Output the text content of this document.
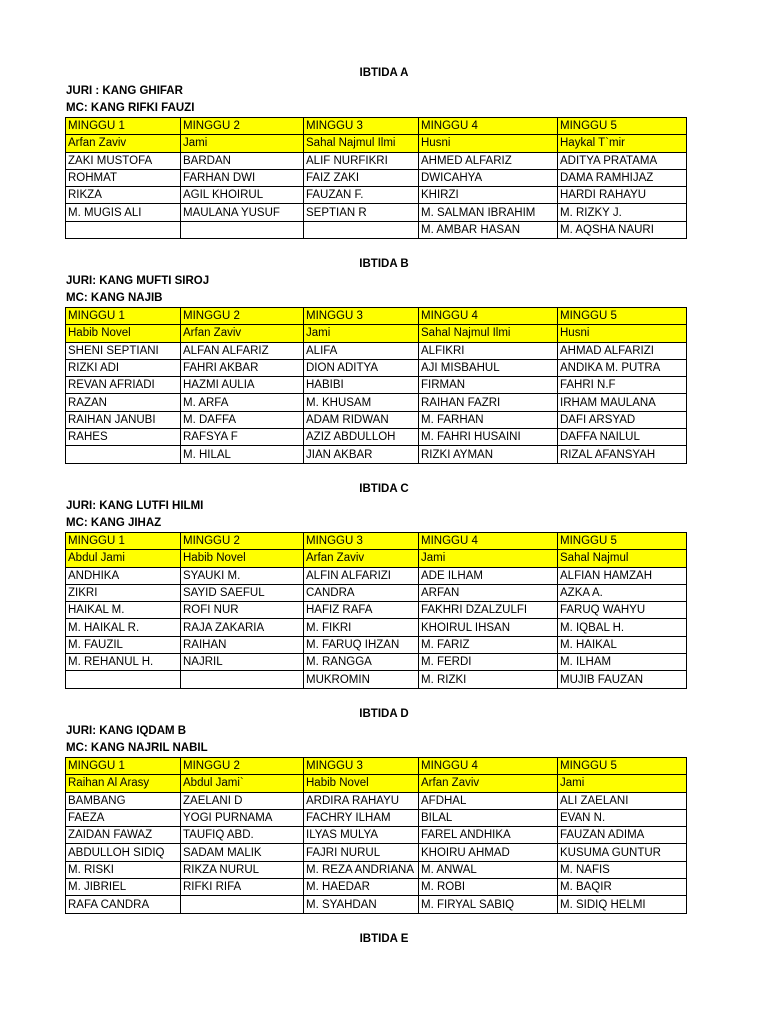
IBTIDA E
IBTIDA A
JURI : KANG GHIFAR
MC: KANG RIFKI FAUZI
MINGGU 1	MINGGU 2	MINGGU 3	MINGGU 4	MINGGU 5
Arfan Zaviv	Jami	Sahal Najmul Ilmi	Husni	Haykal T`mir
ZAKI MUSTOFA	BARDAN	ALIF NURFIKRI	AHMED ALFARIZ	ADITYA PRATAMA
ROHMAT	FARHAN DWI	FAIZ ZAKI	DWICAHYA	DAMA RAMHIJAZ
RIKZA	AGIL KHOIRUL	FAUZAN F.	KHIRZI	HARDI RAHAYU
M. MUGIS ALI	MAULANA YUSUF	SEPTIAN R	M. SALMAN IBRAHIM	M. RIZKY J.
			M. AMBAR HASAN	M. AQSHA NAURI
IBTIDA B
JURI: KANG MUFTI SIROJ
MC: KANG NAJIB
MINGGU 1	MINGGU 2	MINGGU 3	MINGGU 4	MINGGU 5
Habib Novel	Arfan Zaviv	Jami	Sahal Najmul Ilmi	Husni
SHENI SEPTIANI	ALFAN ALFARIZ	ALIFA	ALFIKRI	AHMAD ALFARIZI
RIZKI ADI	FAHRI AKBAR	DION ADITYA	AJI MISBAHUL	ANDIKA M. PUTRA
REVAN AFRIADI	HAZMI AULIA	HABIBI	FIRMAN	FAHRI N.F
RAZAN	M. ARFA	M. KHUSAM	RAIHAN FAZRI	IRHAM MAULANA
RAIHAN JANUBI	M. DAFFA	ADAM RIDWAN	M. FARHAN	DAFI ARSYAD
RAHES	RAFSYA F	AZIZ ABDULLOH	M. FAHRI HUSAINI	DAFFA NAILUL
	M. HILAL	JIAN AKBAR	RIZKI AYMAN	RIZAL AFANSYAH
IBTIDA C
JURI: KANG LUTFI HILMI
MC: KANG JIHAZ
MINGGU 1	MINGGU 2	MINGGU 3	MINGGU 4	MINGGU 5
Abdul Jami	Habib Novel	Arfan Zaviv	Jami	Sahal Najmul
ANDHIKA	SYAUKI M.	ALFIN ALFARIZI	ADE ILHAM	ALFIAN HAMZAH
ZIKRI	SAYID SAEFUL	CANDRA	ARFAN	AZKA A.
HAIKAL M.	ROFI NUR	HAFIZ RAFA	FAKHRI DZALZULFI	FARUQ WAHYU
M. HAIKAL R.	RAJA ZAKARIA	M. FIKRI	KHOIRUL IHSAN	M. IQBAL H.
M. FAUZIL	RAIHAN	M. FARUQ IHZAN	M. FARIZ	M. HAIKAL
M. REHANUL H.	NAJRIL	M. RANGGA	M. FERDI	M. ILHAM
		MUKROMIN	M. RIZKI	MUJIB FAUZAN
IBTIDA D
JURI: KANG IQDAM B
MC: KANG NAJRIL NABIL
MINGGU 1	MINGGU 2	MINGGU 3	MINGGU 4	MINGGU 5
Raihan Al Arasy	Abdul Jami`	Habib Novel	Arfan Zaviv	Jami
BAMBANG	ZAELANI D	ARDIRA RAHAYU	AFDHAL	ALI ZAELANI
FAEZA	YOGI PURNAMA	FACHRY ILHAM	BILAL	EVAN N.
ZAIDAN FAWAZ	TAUFIQ ABD.	ILYAS MULYA	FAREL ANDHIKA	FAUZAN ADIMA
ABDULLOH SIDIQ	SADAM MALIK	FAJRI NURUL	KHOIRU AHMAD	KUSUMA GUNTUR
M. RISKI	RIKZA NURUL	M. REZA ANDRIANA	M. ANWAL	M. NAFIS
M. JIBRIEL	RIFKI RIFA	M. HAEDAR	M. ROBI	M. BAQIR
RAFA CANDRA		M. SYAHDAN	M. FIRYAL SABIQ	M. SIDIQ HELMI
